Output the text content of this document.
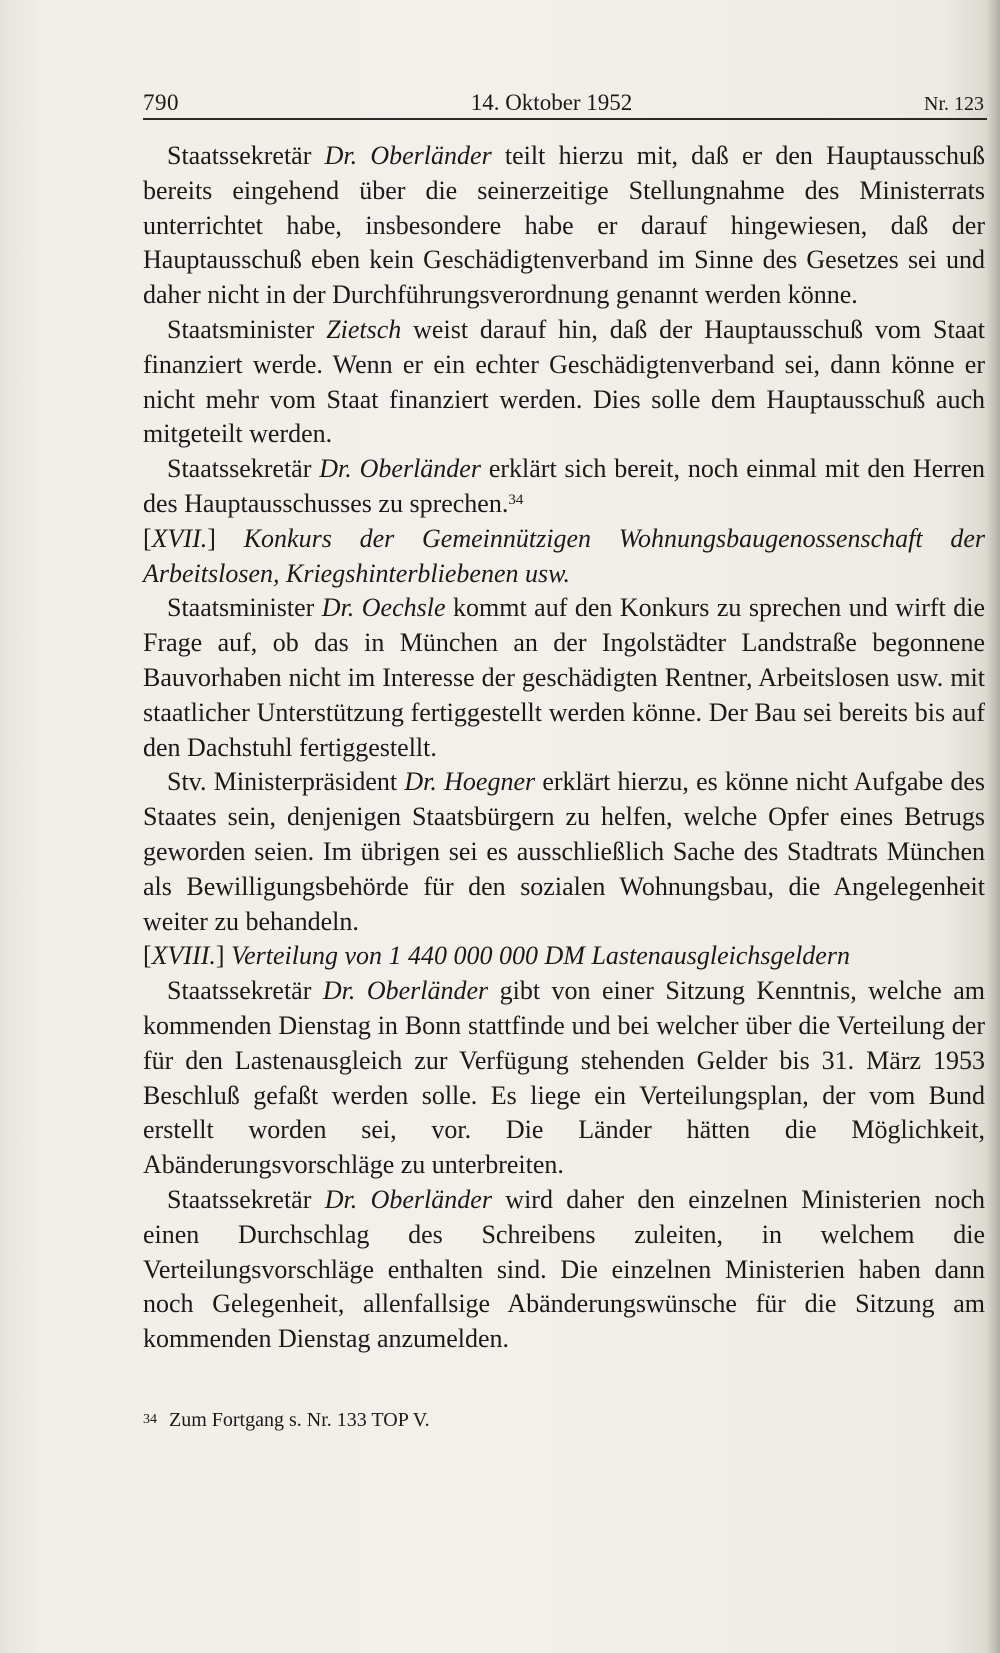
790	14. Oktober 1952	Nr. 123

Staatssekretär Dr. Oberländer teilt hierzu mit, daß er den Hauptausschuß bereits eingehend über die seinerzeitige Stellungnahme des Ministerrats unterrichtet habe, insbesondere habe er darauf hingewiesen, daß der Hauptausschuß eben kein Geschädigtenverband im Sinne des Gesetzes sei und daher nicht in der Durchführungsverordnung genannt werden könne.

Staatsminister Zietsch weist darauf hin, daß der Hauptausschuß vom Staat finanziert werde. Wenn er ein echter Geschädigtenverband sei, dann könne er nicht mehr vom Staat finanziert werden. Dies solle dem Hauptausschuß auch mitgeteilt werden.

Staatssekretär Dr. Oberländer erklärt sich bereit, noch einmal mit den Herren des Hauptausschusses zu sprechen.$^{34}$

[XVII.] Konkurs der Gemeinnützigen Wohnungsbaugenossenschaft der Arbeitslosen, Kriegshinterbliebenen usw.

Staatsminister Dr. Oechsle kommt auf den Konkurs zu sprechen und wirft die Frage auf, ob das in München an der Ingolstädter Landstraße begonnene Bauvorhaben nicht im Interesse der geschädigten Rentner, Arbeitslosen usw. mit staatlicher Unterstützung fertiggestellt werden könne. Der Bau sei bereits bis auf den Dachstuhl fertiggestellt.

Stv. Ministerpräsident Dr. Hoegner erklärt hierzu, es könne nicht Aufgabe des Staates sein, denjenigen Staatsbürgern zu helfen, welche Opfer eines Betrugs geworden seien. Im übrigen sei es ausschließlich Sache des Stadtrats München als Bewilligungsbehörde für den sozialen Wohnungsbau, die Angelegenheit weiter zu behandeln.

[XVIII.] Verteilung von 1 440 000 000 DM Lastenausgleichsgeldern

Staatssekretär Dr. Oberländer gibt von einer Sitzung Kenntnis, welche am kommenden Dienstag in Bonn stattfinde und bei welcher über die Verteilung der für den Lastenausgleich zur Verfügung stehenden Gelder bis 31. März 1953 Beschluß gefaßt werden solle. Es liege ein Verteilungsplan, der vom Bund erstellt worden sei, vor. Die Länder hätten die Möglichkeit, Abänderungsvorschläge zu unterbreiten.

Staatssekretär Dr. Oberländer wird daher den einzelnen Ministerien noch einen Durchschlag des Schreibens zuleiten, in welchem die Verteilungsvorschläge enthalten sind. Die einzelnen Ministerien haben dann noch Gelegenheit, allenfallsige Abänderungswünsche für die Sitzung am kommenden Dienstag anzumelden.

$^{34}$ Zum Fortgang s. Nr. 133 TOP V.
